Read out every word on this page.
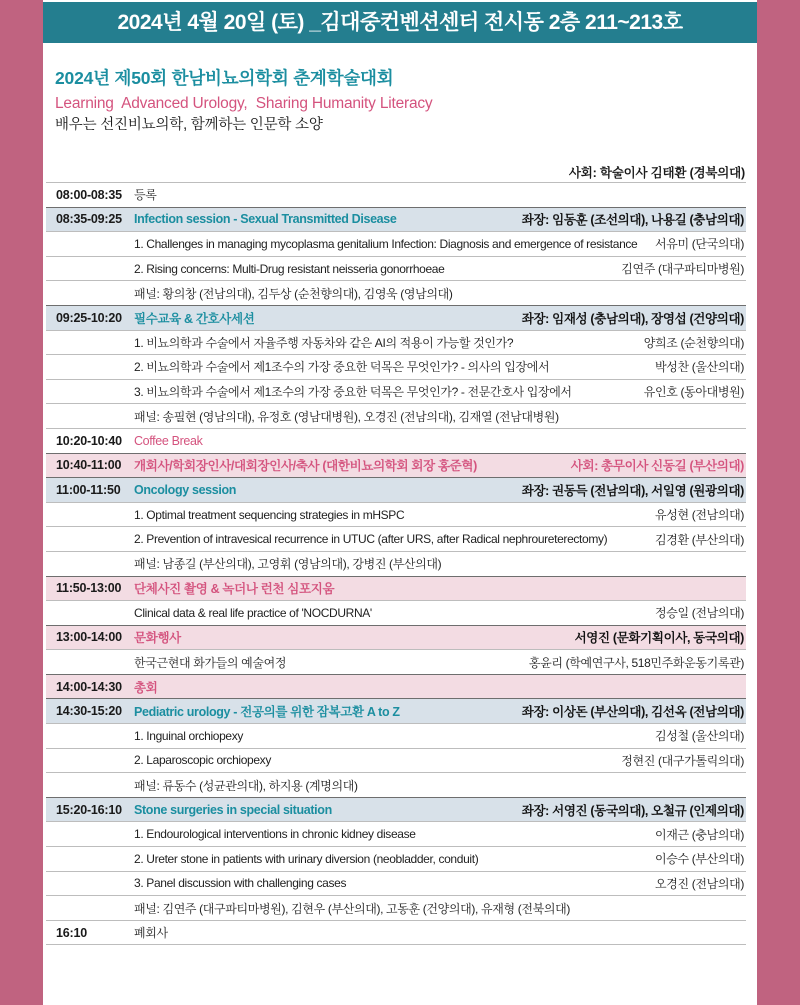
2024년 4월 20일 (토) _김대중컨벤션센터 전시동 2층 211~213호
2024년 제50회 한남비뇨의학회 춘계학술대회
Learning  Advanced Urology,  Sharing Humanity Literacy
배우는 선진비뇨의학, 함께하는 인문학 소양
사회: 학술이사 김태환 (경북의대)
08:00-08:35	등록
08:35-09:25 Infection session - Sexual Transmitted Disease	좌장: 임동훈 (조선의대), 나용길 (충남의대)
1. Challenges in managing mycoplasma genitalium Infection: Diagnosis and emergence of resistance	서유미 (단국의대)
2. Rising concerns: Multi-Drug resistant neisseria gonorrhoeae	김연주 (대구파티마병원)
패널: 황의창 (전남의대), 김두상 (순천향의대), 김영욱 (영남의대)
09:25-10:20 필수교육 & 간호사세션	좌장: 임재성 (충남의대), 장영섭 (건양의대)
1. 비뇨의학과 수술에서 자율주행 자동차와 같은 AI의 적용이 가능할 것인가?	양희조 (순천향의대)
2. 비뇨의학과 수술에서 제1조수의 가장 중요한 덕목은 무엇인가? - 의사의 입장에서	박성찬 (울산의대)
3. 비뇨의학과 수술에서 제1조수의 가장 중요한 덕목은 무엇인가? - 전문간호사 입장에서	유인호 (동아대병원)
패널: 송필현 (영남의대), 유정호 (영남대병원), 오경진 (전남의대), 김재열 (전남대병원)
10:20-10:40 Coffee Break
10:40-11:00	개회사/학회장인사/대회장인사/축사 (대한비뇨의학회 회장 홍준혁)	사회: 총무이사 신동길 (부산의대)
11:00-11:50	Oncology session	좌장: 권동득 (전남의대), 서일영 (원광의대)
1. Optimal treatment sequencing strategies in mHSPC	유성현 (전남의대)
2. Prevention of intravesical recurrence in UTUC (after URS, after Radical nephroureterectomy)	김경환 (부산의대)
패널: 남종길 (부산의대), 고영휘 (영남의대), 강병진 (부산의대)
11:50-13:00	단체사진 촬영 & 녹더나 런천 심포지움
Clinical data & real life practice of 'NOCDURNA'	정승일 (전남의대)
13:00-14:00 문화행사	서영진 (문화기획이사, 동국의대)
한국근현대 화가들의 예술여정	홍윤리 (학예연구사, 518민주화운동기록관)
14:00-14:30 총회
14:30-15:20 Pediatric urology - 전공의를 위한 잠복고환 A to Z	좌장: 이상돈 (부산의대), 김선옥 (전남의대)
1. Inguinal orchiopexy	김성철 (울산의대)
2. Laparoscopic orchiopexy	정현진 (대구가톨릭의대)
패널: 류동수 (성균관의대), 하지용 (계명의대)
15:20-16:10 Stone surgeries in special situation	좌장: 서영진 (동국의대), 오철규 (인제의대)
1. Endourological interventions in chronic kidney disease	이재근 (충남의대)
2. Ureter stone in patients with urinary diversion (neobladder, conduit)	이승수 (부산의대)
3. Panel discussion with challenging cases	오경진 (전남의대)
패널: 김연주 (대구파티마병원), 김현우 (부산의대), 고동훈 (건양의대), 유재형 (전북의대)
16:10	폐회사
